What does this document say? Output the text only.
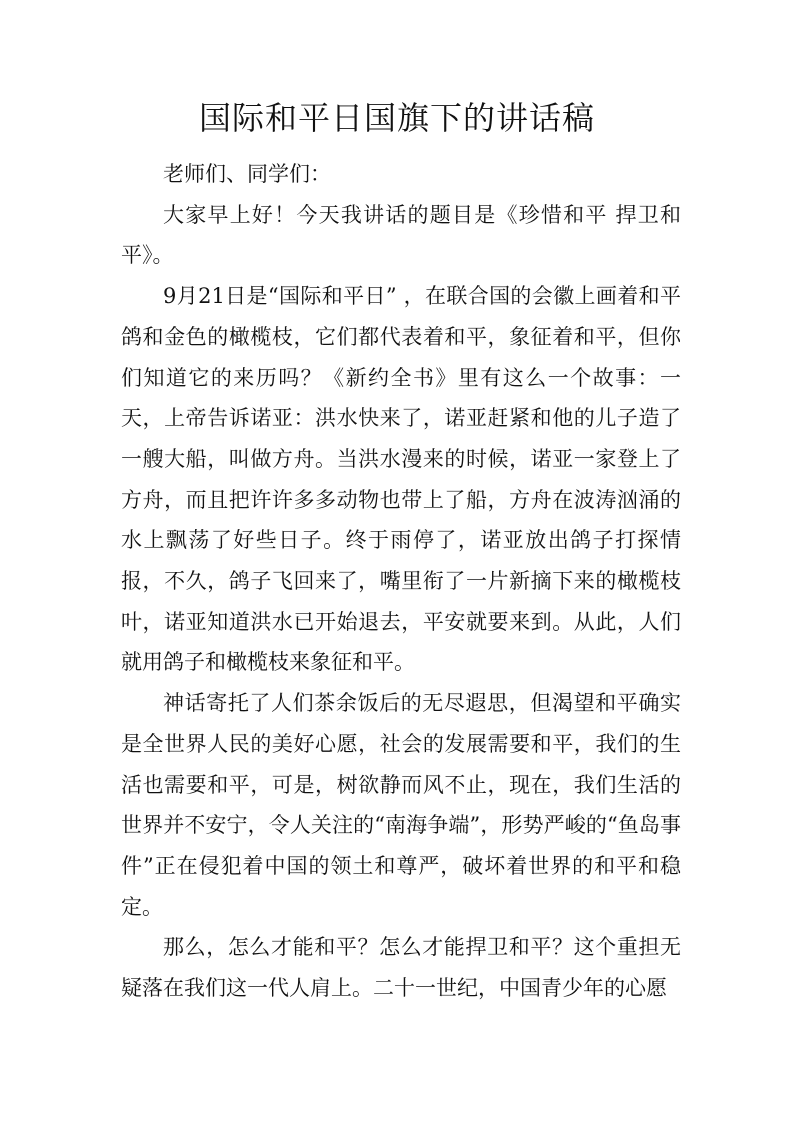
国际和平日国旗下的讲话稿

老师们、同学们：

大家早上好！今天我讲话的题目是《珍惜和平 捍卫和平》。

9月21日是“国际和平日” ，在联合国的会徽上画着和平鸽和金色的橄榄枝，它们都代表着和平，象征着和平，但你们知道它的来历吗？《新约全书》里有这么一个故事：一天，上帝告诉诺亚：洪水快来了，诺亚赶紧和他的儿子造了一艘大船，叫做方舟。当洪水漫来的时候，诺亚一家登上了方舟，而且把许许多多动物也带上了船，方舟在波涛汹涌的水上飘荡了好些日子。终于雨停了，诺亚放出鸽子打探情报，不久，鸽子飞回来了，嘴里衔了一片新摘下来的橄榄枝叶，诺亚知道洪水已开始退去，平安就要来到。从此，人们就用鸽子和橄榄枝来象征和平。

神话寄托了人们茶余饭后的无尽遐思，但渴望和平确实是全世界人民的美好心愿，社会的发展需要和平，我们的生活也需要和平，可是，树欲静而风不止，现在，我们生活的世界并不安宁，令人关注的“南海争端”，形势严峻的“鱼岛事件”正在侵犯着中国的领土和尊严，破坏着世界的和平和稳定。

那么，怎么才能和平？怎么才能捍卫和平？这个重担无疑落在我们这一代人肩上。二十一世纪，中国青少年的心愿
